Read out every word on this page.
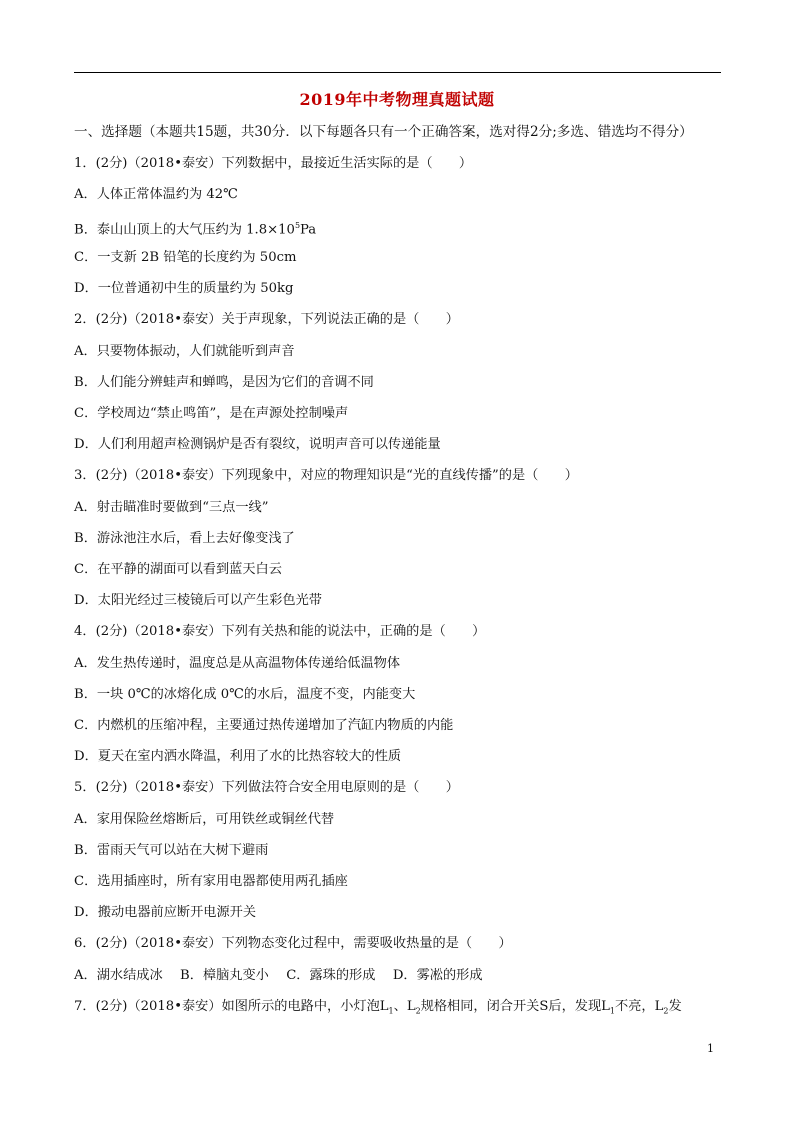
2019年中考物理真题试题
一、选择题（本题共15题，共30分．以下每题各只有一个正确答案，选对得2分;多选、错选均不得分）
1．(2分)（2018•泰安）下列数据中，最接近生活实际的是（　　）
A．人体正常体温约为 42℃
B．泰山山顶上的大气压约为 $1.8\times 10^5Pa$
C．一支新 2B 铅笔的长度约为 50cm
D．一位普通初中生的质量约为 50kg
2．(2分)（2018•泰安）关于声现象，下列说法正确的是（　　）
A．只要物体振动，人们就能听到声音
B．人们能分辨蛙声和蝉鸣，是因为它们的音调不同
C．学校周边“禁止鸣笛”，是在声源处控制噪声
D．人们利用超声检测锅炉是否有裂纹，说明声音可以传递能量
3．(2分)（2018•泰安）下列现象中，对应的物理知识是“光的直线传播”的是（　　）
A．射击瞄准时要做到“三点一线”
B．游泳池注水后，看上去好像变浅了
C．在平静的湖面可以看到蓝天白云
D．太阳光经过三棱镜后可以产生彩色光带
4．(2分)（2018•泰安）下列有关热和能的说法中，正确的是（　　）
A．发生热传递时，温度总是从高温物体传递给低温物体
B．一块 0℃的冰熔化成 0℃的水后，温度不变，内能变大
C．内燃机的压缩冲程，主要通过热传递增加了汽缸内物质的内能
D．夏天在室内洒水降温，利用了水的比热容较大的性质
5．(2分)（2018•泰安）下列做法符合安全用电原则的是（　　）
A．家用保险丝熔断后，可用铁丝或铜丝代替
B．雷雨天气可以站在大树下避雨
C．选用插座时，所有家用电器都使用两孔插座
D．搬动电器前应断开电源开关
6．(2分)（2018•泰安）下列物态变化过程中，需要吸收热量的是（　　）
A．湖水结成冰　 B．樟脑丸变小　 C．露珠的形成　 D．雾凇的形成
7．(2分)（2018•泰安）如图所示的电路中，小灯泡$L_1$、$L_2$规格相同，闭合开关S后，发现$L_1$不亮，$L_2$发
1
